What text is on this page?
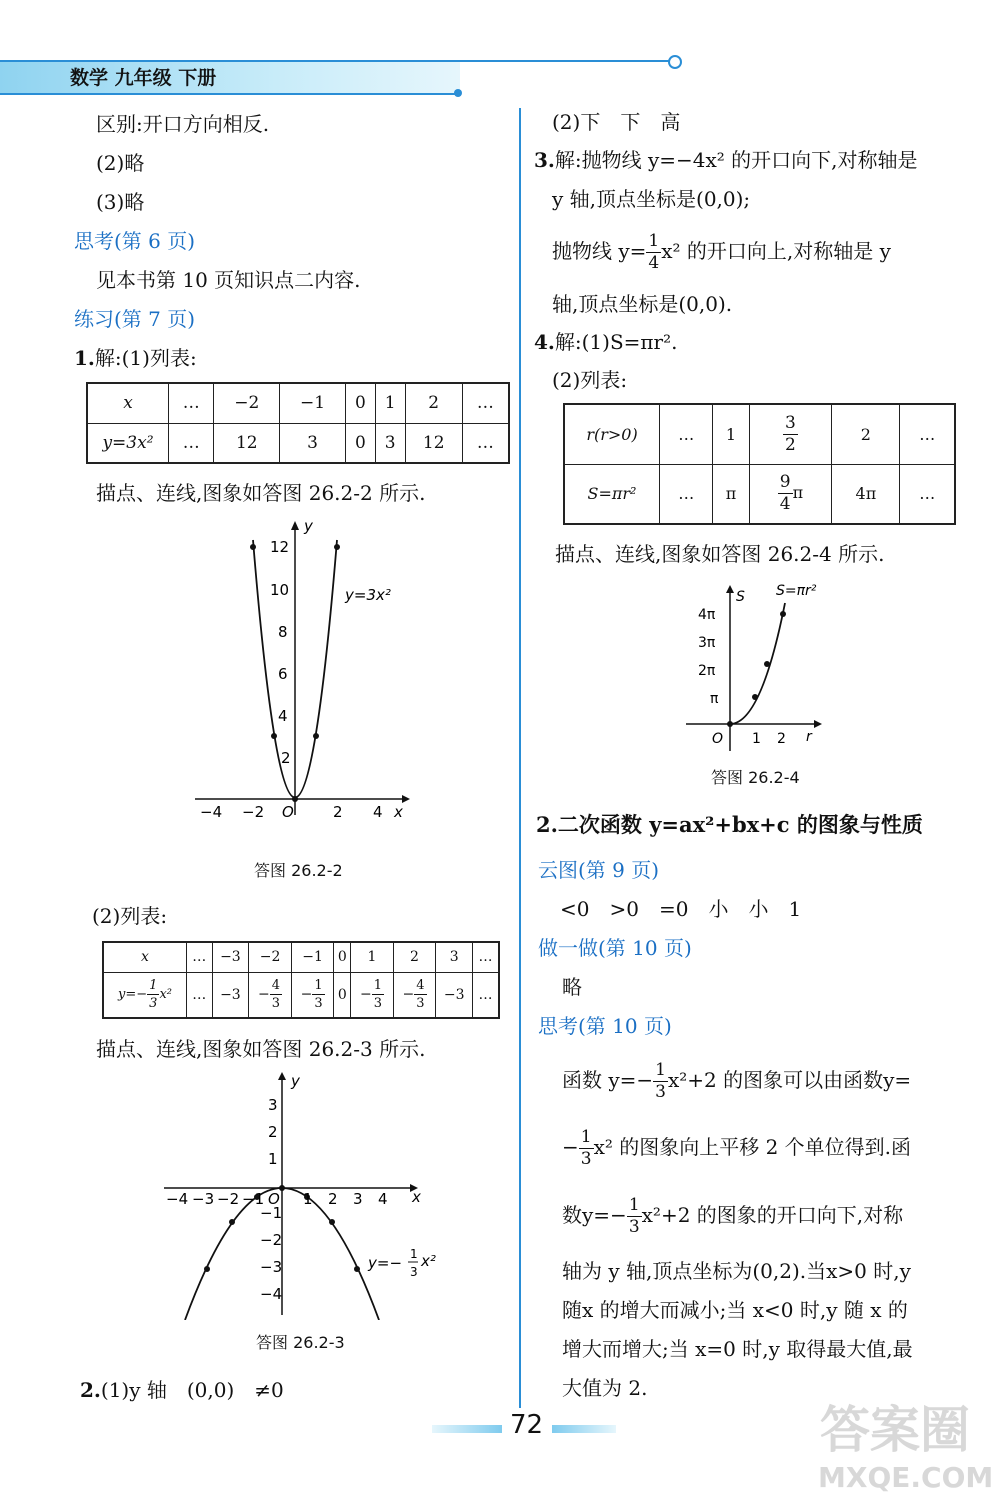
数学 九年级 下册
区别:开口方向相反.
(2)略
(3)略
思考(第 6 页)
见本书第 10 页知识点二内容.
练习(第 7 页)
1.解:(1)列表:
x	…	−2	−1	0	1	2	…
y=3x²	…	12	3	0	3	12	…
描点、连线,图象如答图 26.2-2 所示.
12
10
8
6
4
2
−4 −2 O	2 4 x
y
y=3x²
答图 26.2-2
(2)列表:
x	…	−3	−2	−1	0	1	2	3	…
$y=- \frac{1}{3} x^2$	…	−3	− $\frac{4}{3}$	− $\frac{1}{3}$	0	− $\frac{1}{3}$	− $\frac{4}{3}$	−3	…
描点、连线,图象如答图 26.2-3 所示.
3
2
1
−1
−2
−3
−4
−4 −3 −2 −1 O 1 2 3 4 x
y
y=− 1
3
x²
答图 26.2-3
2.(1)y 轴　(0,0)　≠0
(2)下　下　高
3.解:抛物线 y=−4x² 的开口向下,对称轴是
y 轴,顶点坐标是(0,0);
抛物线 $y= \frac{1}{4} x^2$ 的开口向上,对称轴是 y
轴,顶点坐标是(0,0).
4.解:(1)S=πr².
(2)列表:
r(r>0)	…	1	$\frac{3}{2}$	2	…
S=πr²	…	π	$\frac{9}{4}$ π	4π	…
描点、连线,图象如答图 26.2-4 所示.
4π
3π
2π
π
O 1 2 r
S S=πr²
答图 26.2-4
2.二次函数 y=ax²+bx+c 的图象与性质
云图(第 9 页)
<0　>0　=0　小　小　1
做一做(第 10 页)
略
思考(第 10 页)
函数 $y=- \frac{1}{3} x^2+2$ 的图象可以由函数y=
− $\frac{1}{3} x^2$ 的图象向上平移 2 个单位得到.函
数$y=- \frac{1}{3} x^2+2$ 的图象的开口向下,对称
轴为 y 轴,顶点坐标为(0,2).当x>0 时,y
随x 的增大而减小;当 x<0 时,y 随 x 的
增大而增大;当 x=0 时,y 取得最大值,最
大值为 2.
72	答案圈
MXQE.COM
